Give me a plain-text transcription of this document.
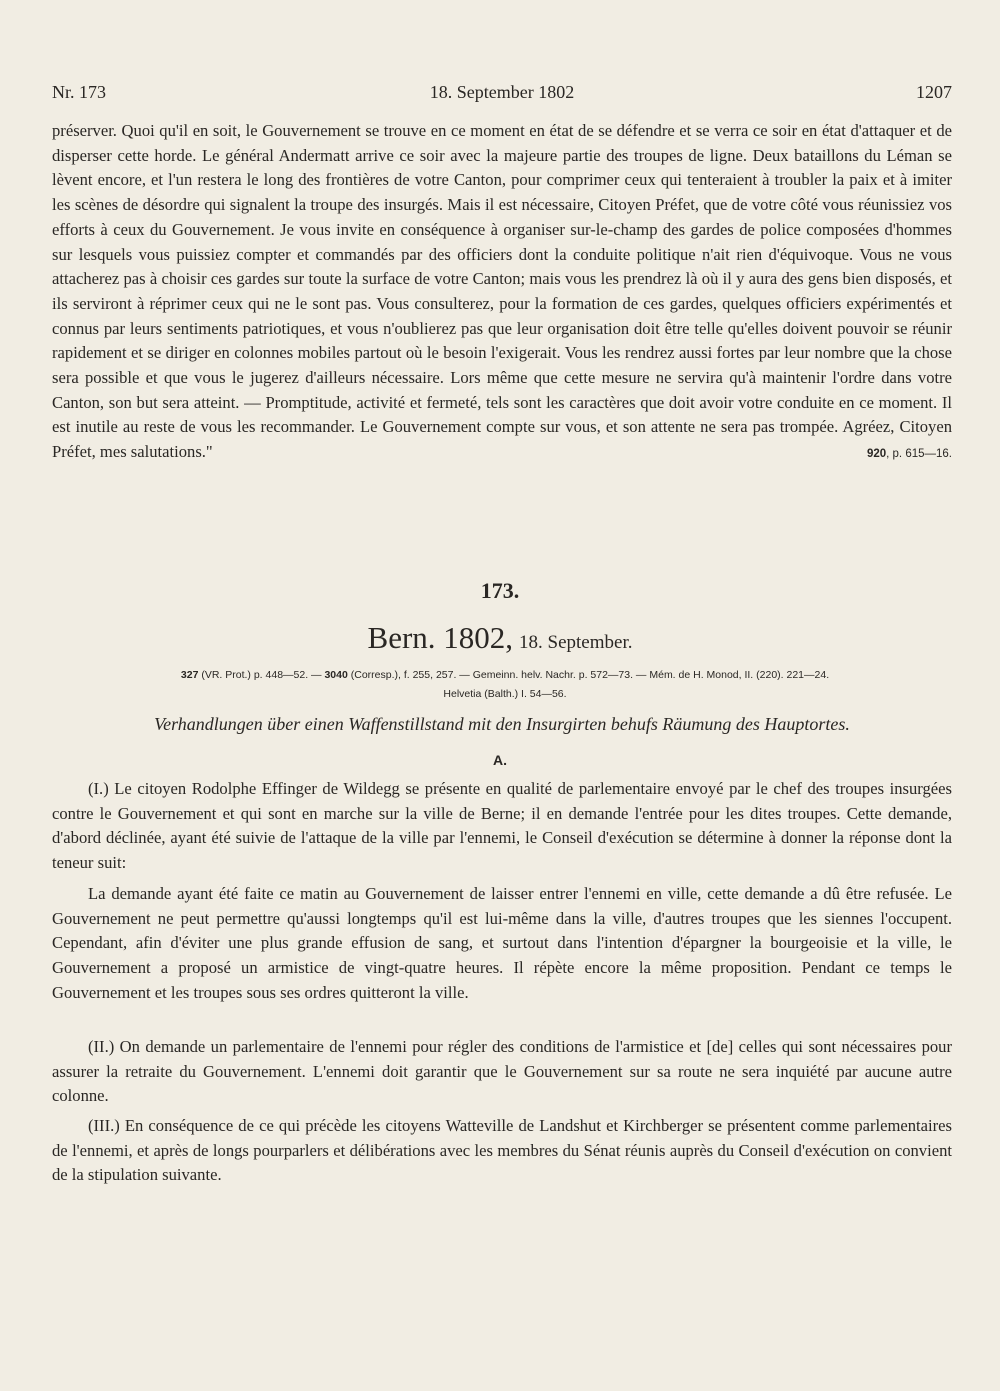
18. September 1802
Nr. 173	1207
préserver. Quoi qu'il en soit, le Gouvernement se trouve en ce moment en état de se défendre et se verra ce soir en état d'attaquer et de disperser cette horde. Le général Andermatt arrive ce soir avec la majeure partie des troupes de ligne. Deux bataillons du Léman se lèvent encore, et l'un restera le long des frontières de votre Canton, pour comprimer ceux qui tenteraient à troubler la paix et à imiter les scènes de désordre qui signalent la troupe des insurgés. Mais il est nécessaire, Citoyen Préfet, que de votre côté vous réunissiez vos efforts à ceux du Gouvernement. Je vous invite en conséquence à organiser sur-le-champ des gardes de police composées d'hommes sur lesquels vous puissiez compter et commandés par des officiers dont la conduite politique n'ait rien d'équivoque. Vous ne vous attacherez pas à choisir ces gardes sur toute la surface de votre Canton; mais vous les prendrez là où il y aura des gens bien disposés, et ils serviront à réprimer ceux qui ne le sont pas. Vous consulterez, pour la formation de ces gardes, quelques officiers expérimentés et connus par leurs sentiments patriotiques, et vous n'oublierez pas que leur organisation doit être telle qu'elles doivent pouvoir se réunir rapidement et se diriger en colonnes mobiles partout où le besoin l'exigerait. Vous les rendrez aussi fortes par leur nombre que la chose sera possible et que vous le jugerez d'ailleurs nécessaire. Lors même que cette mesure ne servira qu'à maintenir l'ordre dans votre Canton, son but sera atteint. — Promptitude, activité et fermeté, tels sont les caractères que doit avoir votre conduite en ce moment. Il est inutile au reste de vous les recommander. Le Gouvernement compte sur vous, et son attente ne sera pas trompée. Agréez, Citoyen Préfet, mes salutations."	920, p. 615—16.
173.
Bern. 1802, 18. September.
327 (VR. Prot.) p. 448—52. — 3040 (Corresp.), f. 255, 257. — Gemeinn. helv. Nachr. p. 572—73. — Mém. de H. Monod, II. (220). 221—24.
Helvetia (Balth.) I. 54—56.
Verhandlungen über einen Waffenstillstand mit den Insurgirten behufs Räumung des Hauptortes.
A.
(I.) Le citoyen Rodolphe Effinger de Wildegg se présente en qualité de parlementaire envoyé par le chef des troupes insurgées contre le Gouvernement et qui sont en marche sur la ville de Berne; il en demande l'entrée pour les dites troupes. Cette demande, d'abord déclinée, ayant été suivie de l'attaque de la ville par l'ennemi, le Conseil d'exécution se détermine à donner la réponse dont la teneur suit:
La demande ayant été faite ce matin au Gouvernement de laisser entrer l'ennemi en ville, cette demande a dû être refusée. Le Gouvernement ne peut permettre qu'aussi longtemps qu'il est lui-même dans la ville, d'autres troupes que les siennes l'occupent. Cependant, afin d'éviter une plus grande effusion de sang, et surtout dans l'intention d'épargner la bourgeoisie et la ville, le Gouvernement a proposé un armistice de vingt-quatre heures. Il répète encore la même proposition. Pendant ce temps le Gouvernement et les troupes sous ses ordres quitteront la ville.
(II.) On demande un parlementaire de l'ennemi pour régler des conditions de l'armistice et [de] celles qui sont nécessaires pour assurer la retraite du Gouvernement. L'ennemi doit garantir que le Gouvernement sur sa route ne sera inquiété par aucune autre colonne.
(III.) En conséquence de ce qui précède les citoyens Watteville de Landshut et Kirchberger se présentent comme parlementaires de l'ennemi, et après de longs pourparlers et délibérations avec les membres du Sénat réunis auprès du Conseil d'exécution on convient de la stipulation suivante.
